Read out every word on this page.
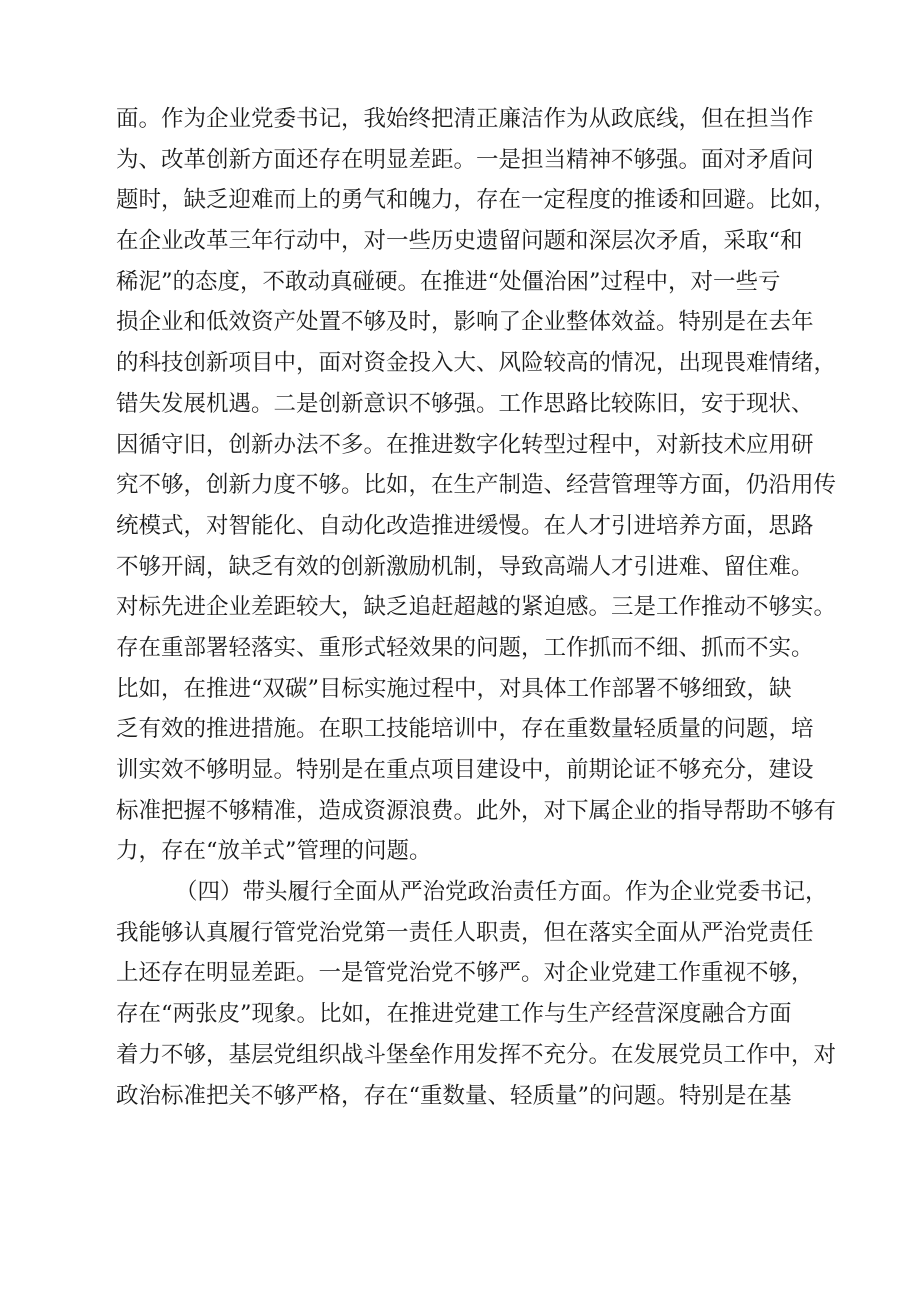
面。作为企业党委书记，我始终把清正廉洁作为从政底线，但在担当作
为、改革创新方面还存在明显差距。一是担当精神不够强。面对矛盾问
题时，缺乏迎难而上的勇气和魄力，存在一定程度的推诿和回避。比如，
在企业改革三年行动中，对一些历史遗留问题和深层次矛盾，采取“和
稀泥”的态度，不敢动真碰硬。在推进“处僵治困”过程中，对一些亏
损企业和低效资产处置不够及时，影响了企业整体效益。特别是在去年
的科技创新项目中，面对资金投入大、风险较高的情况，出现畏难情绪，
错失发展机遇。二是创新意识不够强。工作思路比较陈旧，安于现状、
因循守旧，创新办法不多。在推进数字化转型过程中，对新技术应用研
究不够，创新力度不够。比如，在生产制造、经营管理等方面，仍沿用传
统模式，对智能化、自动化改造推进缓慢。在人才引进培养方面，思路
不够开阔，缺乏有效的创新激励机制，导致高端人才引进难、留住难。
对标先进企业差距较大，缺乏追赶超越的紧迫感。三是工作推动不够实。
存在重部署轻落实、重形式轻效果的问题，工作抓而不细、抓而不实。
比如，在推进“双碳”目标实施过程中，对具体工作部署不够细致，缺
乏有效的推进措施。在职工技能培训中，存在重数量轻质量的问题，培
训实效不够明显。特别是在重点项目建设中，前期论证不够充分，建设
标准把握不够精准，造成资源浪费。此外，对下属企业的指导帮助不够有
力，存在“放羊式”管理的问题。
（四）带头履行全面从严治党政治责任方面。作为企业党委书记，
我能够认真履行管党治党第一责任人职责，但在落实全面从严治党责任
上还存在明显差距。一是管党治党不够严。对企业党建工作重视不够，
存在“两张皮”现象。比如，在推进党建工作与生产经营深度融合方面
着力不够，基层党组织战斗堡垒作用发挥不充分。在发展党员工作中，对
政治标准把关不够严格，存在“重数量、轻质量”的问题。特别是在基
